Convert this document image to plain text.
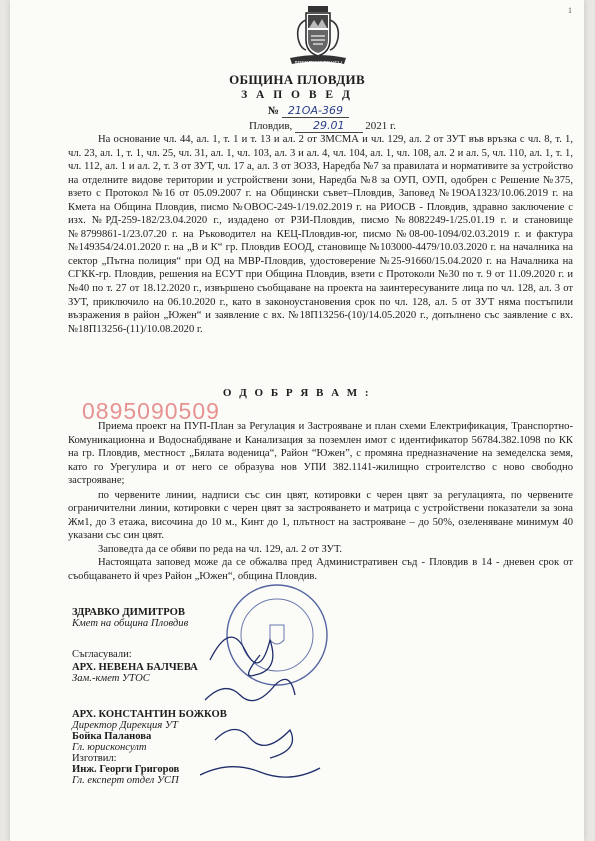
1
ДРЕВЕН И ВЕЧЕН
ОБЩИНА ПЛОВДИВ
З А П О В Е Д
№ 21ОА-369
Пловдив, 29.01 2021 г.

На основание чл. 44, ал. 1, т. 1 и т. 13 и ал. 2 от ЗМСМА и чл. 129, ал. 2 от ЗУТ във връзка с чл. 8, т. 1, чл. 23, ал. 1, т. 1, чл. 25, чл. 31, ал. 1, чл. 103, ал. 3 и ал. 4, чл. 104, ал. 1, чл. 108, ал. 2 и ал. 5, чл. 110, ал. 1, т. 1, чл. 112, ал. 1 и ал. 2, т. 3 от ЗУТ, чл. 17 а, ал. 3 от ЗОЗЗ, Наредба №7 за правилата и нормативите за устройство на отделните видове територии и устройствени зони, Наредба №8 за ОУП, ОУП, одобрен с Решение №375, взето с Протокол №16 от 05.09.2007 г. на Общински съвет–Пловдив, Заповед №19ОА1323/10.06.2019 г. на Кмета на Община Пловдив, писмо №ОВОС-249-1/19.02.2019 г. на РИОСВ - Пловдив, здравно заключение с изх. №РД-259-182/23.04.2020 г., издадено от РЗИ-Пловдив, писмо №8082249-1/25.01.19 г. и становище №8799861-1/23.07.20 г. на Ръководител на КЕЦ-Пловдив-юг, писмо №08-00-1094/02.03.2019 г. и фактура №149354/24.01.2020 г. на „В и К“ гр. Пловдив ЕООД, становище №103000-4479/10.03.2020 г. на началника на сектор „Пътна полиция“ при ОД на МВР-Пловдив, удостоверение №25-91660/15.04.2020 г. на Началника на СГКК-гр. Пловдив, решения на ЕСУТ при Община Пловдив, взети с Протоколи №30 по т. 9 от 11.09.2020 г. и №40 по т. 27 от 18.12.2020 г., извършено съобщаване на проекта на заинтересуваните лица по чл. 128, ал. 3 от ЗУТ, приключило на 06.10.2020 г., като в законоустановения срок по чл. 128, ал. 5 от ЗУТ няма постъпили възражения в район „Южен“ и заявление с вх. №18П13256-(10)/14.05.2020 г., допълнено със заявление с вх. №18П13256-(11)/10.08.2020 г.

О Д О Б Р Я В А М :
0895090509

Приема проект на ПУП-План за Регулация и Застрояване и план схеми Електрификация, Транспортно-Комуникационна и Водоснабдяване и Канализация за поземлен имот с идентификатор 56784.382.1098 по КК на гр. Пловдив, местност „Бялата воденица“, Район “Южен”, с промяна предназначение на земеделска земя, като го Урегулира и от него се образува нов УПИ 382.1141-жилищно строителство с ново свободно застрояване;

по червените линии, надписи със син цвят, котировки с черен цвят за регулацията, по червените ограничителни линии, котировки с черен цвят за застрояването и матрица с устройствени показатели за зона Жм1, до 3 етажа, височина до 10 м., Кинт до 1, плътност на застрояване – до 50%, озеленяване минимум 40 указани със син цвят.

Заповедта да се обяви по реда на чл. 129, ал. 2 от ЗУТ.

Настоящата заповед може да се обжалва пред Административен съд - Пловдив в 14 - дневен срок от съобщаването й чрез Район „Южен“, община Пловдив.

ЗДРАВКО ДИМИТРОВ
Кмет на община Пловдив
Съгласували:
АРХ. НЕВЕНА БАЛЧЕВА
Зам.-кмет УТОС
АРХ. КОНСТАНТИН БОЖКОВ
Директор Дирекция УТ
Бойка Паланова
Гл. юрисконсулт
Изготвил:
Инж. Георги Григоров
Гл. експерт отдел УСП
